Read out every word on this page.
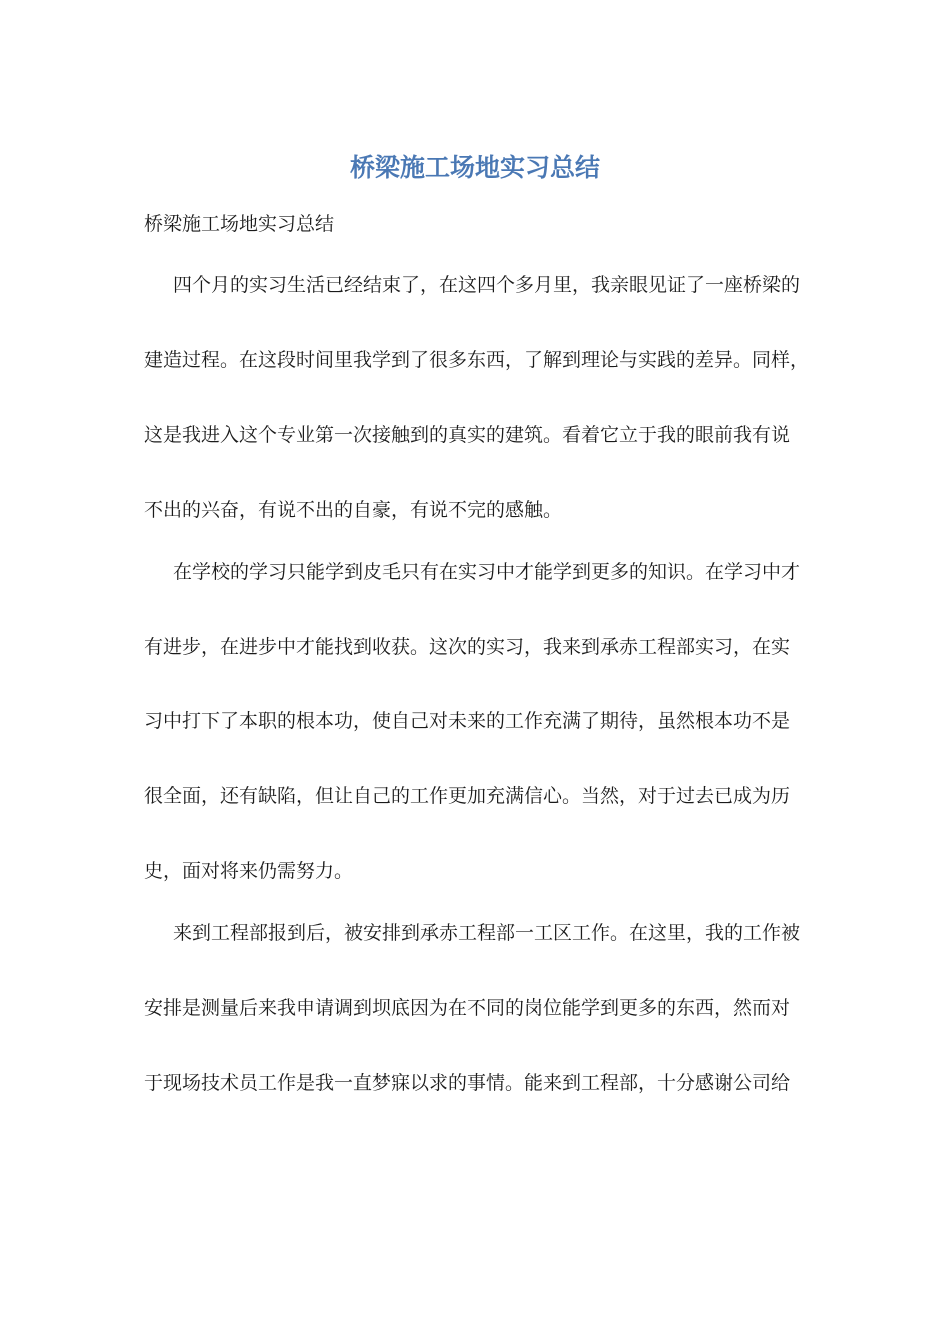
桥梁施工场地实习总结

桥梁施工场地实习总结

四个月的实习生活已经结束了，在这四个多月里，我亲眼见证了一座桥梁的

建造过程。在这段时间里我学到了很多东西，了解到理论与实践的差异。同样，

这是我进入这个专业第一次接触到的真实的建筑。看着它立于我的眼前我有说

不出的兴奋，有说不出的自豪，有说不完的感触。

在学校的学习只能学到皮毛只有在实习中才能学到更多的知识。在学习中才

有进步，在进步中才能找到收获。这次的实习，我来到承赤工程部实习，在实

习中打下了本职的根本功，使自己对未来的工作充满了期待，虽然根本功不是

很全面，还有缺陷，但让自己的工作更加充满信心。当然，对于过去已成为历

史，面对将来仍需努力。

来到工程部报到后，被安排到承赤工程部一工区工作。在这里，我的工作被

安排是测量后来我申请调到坝底因为在不同的岗位能学到更多的东西，然而对

于现场技术员工作是我一直梦寐以求的事情。能来到工程部，十分感谢公司给
